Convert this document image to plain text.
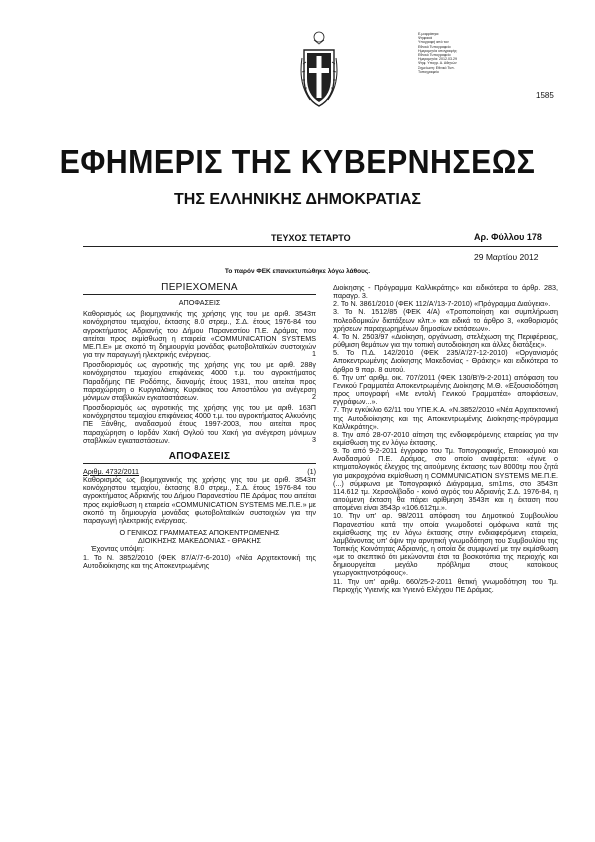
Ε.μοφράτηκε
Ψηφιακά
Υπογραφή από τον
Εθνικό Τυπογραφείο
Ημερομηνία υπογραφής:
Εθνικό Τυπογραφείο
Ημερομηνία: 2012.03.29
Ψηφ. Υπογρ. Α. Αθηνών
Σημείωση: Εθνικό Τυπ.
Τυπογραφείο
1585
ΕΦΗΜΕΡΙΣ ΤΗΣ ΚΥΒΕΡΝΗΣΕΩΣ
ΤΗΣ ΕΛΛΗΝΙΚΗΣ ΔΗΜΟΚΡΑΤΙΑΣ
ΤΕΥΧΟΣ ΤΕΤΑΡΤΟ	Αρ. Φύλλου 178
29 Μαρτίου 2012
Το παρόν ΦΕΚ επανεκτυπώθηκε λόγω λάθους.
ΠΕΡΙΕΧΟΜΕΝΑ
ΑΠΟΦΑΣΕΙΣ
Καθορισμός ως βιομηχανικής της χρήσης γης του με αριθ. 3543π κοινόχρηστου τεμαχίου, έκτασης 8.0 στρεμ., Σ.Δ. έτους 1976-84 του αγροκτήματος Αδριανής του Δήμου Παρανεστίου Π.Ε. Δράμας που αιτείται προς εκμίσθωση η εταιρεία «COMMUNICATION SYSTEMS ΜΕ.Π.Ε» με σκοπό τη δημιουργία μονάδας φωτοβολταϊκών συστοιχιών για την παραγωγή ηλεκτρικής ενέργειας.	1
Προσδιορισμός ως αγροτικής της χρήσης γης του με αριθ. 288γ κοινόχρηστου τεμαχίου επιφάνειας 4000 τ.μ. του αγροκτήματος Παραδήμης ΠΕ Ροδόπης, διανομής έτους 1931, που αιτείται προς παραχώρηση ο Κυργιαλάκης Κυριάκος του Αποστόλου για ανέγερση μόνιμων σταβλικών εγκαταστάσεων.	2
Προσδιορισμός ως αγροτικής της χρήσης γης του με αριθ. 163Π κοινόχρηστου τεμαχίου επιφάνειας 4000 τ.μ. του αγροκτήματος Αλκυόνης ΠΕ Ξάνθης, αναδασμού έτους 1997-2003, που αιτείται προς παραχώρηση ο Ιορδάν Χακή Ογλού του Χακή για ανέγερση μόνιμων σταβλικών εγκαταστάσεων.	3
ΑΠΟΦΑΣΕΙΣ
Αριθμ. 4732/2011	(1)

Καθορισμός ως βιομηχανικής της χρήσης γης του με αριθ. 3543π κοινόχρηστου τεμαχίου, έκτασης 8.0 στρεμ., Σ.Δ. έτους 1976-84 του αγροκτήματος Αδριανής του Δήμου Παρανεστίου ΠΕ Δράμας που αιτείται προς εκμίσθωση η εταιρεία «COMMUNICATION SYSTEMS ΜΕ.Π.Ε.» με σκοπό τη δημιουργία μονάδας φωτοβολταϊκών συστοιχιών για την παραγωγή ηλεκτρικής ενέργειας.

Ο ΓΕΝΙΚΟΣ ΓΡΑΜΜΑΤΕΑΣ ΑΠΟΚΕΝΤΡΩΜΕΝΗΣ
ΔΙΟΙΚΗΣΗΣ ΜΑΚΕΔΟΝΙΑΣ - ΘΡΑΚΗΣ
Έχοντας υπόψη:

1. Το Ν. 3852/2010 (ΦΕΚ 87/Α'/7-6-2010) «Νέα Αρχιτεκτονική της Αυτοδιοίκησης και της Αποκεντρωμένης

Διοίκησης - Πρόγραμμα Καλλικράτης» και ειδικότερα το άρθρ. 283, παραγρ. 3.

2. Το Ν. 3861/2010 (ΦΕΚ 112/Α'/13-7-2010) «Πρόγραμμα Διαύγεια».

3. Το Ν. 1512/85 (ΦΕΚ 4/Α) «Τροποποίηση και συμπλήρωση πολεοδομικών διατάξεων κλπ.» και ειδικά το άρθρο 3, «καθορισμός χρήσεων παραχωρημένων δημοσίων εκτάσεων».

4. Το Ν. 2503/97 «Διοίκηση, οργάνωση, στελέχωση της Περιφέρειας, ρύθμιση θεμάτων για την τοπική αυτοδιοίκηση και άλλες διατάξεις».

5. Το Π.Δ. 142/2010 (ΦΕΚ 235/Α'/27-12-2010) «Οργανισμός Αποκεντρωμένης Διοίκησης Μακεδονίας - Θράκης» και ειδικότερα το άρθρο 9 παρ. 8 αυτού.

6. Την υπ' αριθμ. οικ. 707/2011 (ΦΕΚ 130/Β'/9-2-2011) απόφαση του Γενικού Γραμματέα Αποκεντρωμένης Διοίκησης Μ.Θ. «Εξουσιοδότηση προς υπογραφή «Με εντολή Γενικού Γραμματέα» αποφάσεων, εγγράφων...».

7. Την εγκύκλιο 62/11 του ΥΠΕ.Κ.Α. «Ν.3852/2010 «Νέα Αρχιτεκτονική της Αυτοδιοίκησης και της Αποκεντρωμένης Διοίκησης-πρόγραμμα Καλλικράτης».

8. Την από 28-07-2010 αίτηση της ενδιαφερόμενης εταιρείας για την εκμίσθωση της εν λόγω έκτασης.

9. Το από 9-2-2011 έγγραφο του Τμ. Τοπογραφικής, Εποικισμού και Αναδασμού Π.Ε. Δράμας, στο οποίο αναφέρεται: «έγινε ο κτηματολογικός έλεγχος της αιτούμενης έκτασης των 8000τμ που ζητά για μακροχρόνια εκμίσθωση η COMMUNICATION SYSTEMS ΜΕ.Π.Ε. (...) σύμφωνα με Τοπογραφικό Διάγραμμα, sm1ms, στο 3543π 114.612 τμ. Χερσολίβαδο - κοινό αγρός του Αδριανής Σ.Δ. 1976-84, η αιτούμενη έκταση θα πάρει αρίθμηση 3543π και η έκταση που απομένει είναι 3543ρ «106.612τμ.».

10. Την υπ' αρ. 98/2011 απόφαση του Δημοτικού Συμβουλίου Παρανεστίου κατά την οποία γνωμοδοτεί ομόφωνα κατά της εκμίσθωσης της εν λόγω έκτασης στην ενδιαφερόμενη εταιρεία, λαμβάνοντας υπ' όψιν την αρνητική γνωμοδότηση του Συμβουλίου της Τοπικής Κοινότητας Αδριανής, η οποία δε συμφωνεί με την εκμίσθωση «με το σκεπτικό ότι μειώνονται έτσι τα βοσκοτόπια της περιοχής και δημιουργείται μεγάλο πρόβλημα στους κατοίκους γεωργοκτηνοτρόφους».

11. Την υπ' αριθμ. 660/25-2-2011 θετική γνωμοδότηση του Τμ. Περιοχής Υγιεινής και Υγιεινό Ελέγχου ΠΕ Δράμας.
